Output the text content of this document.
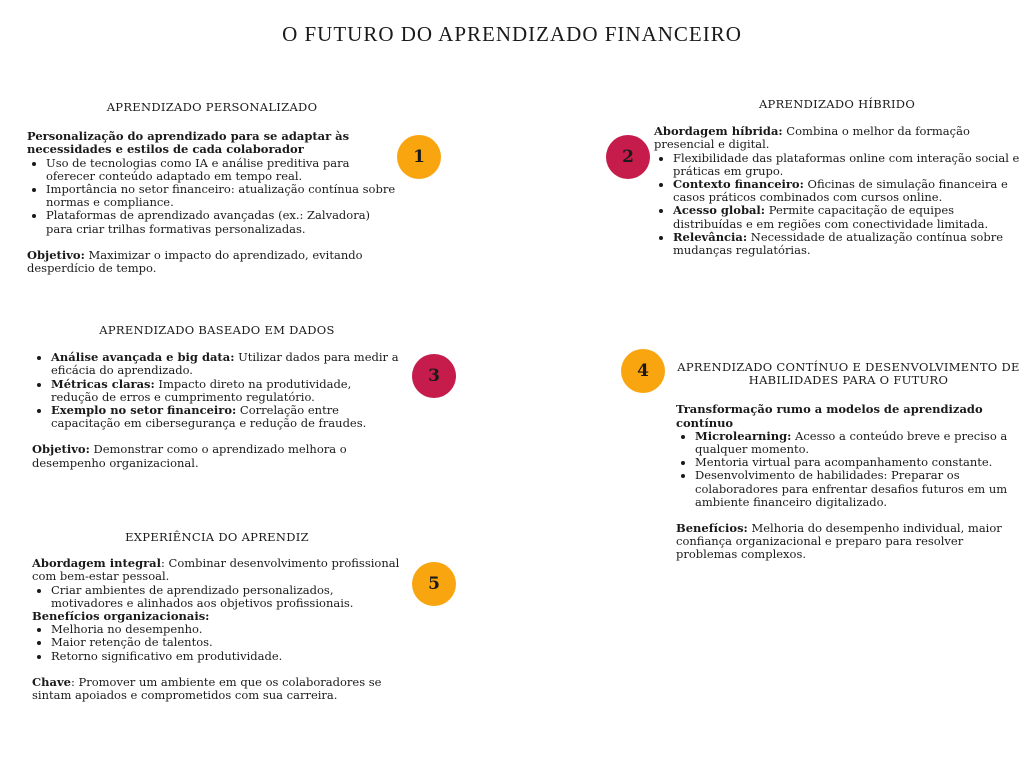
O FUTURO DO APRENDIZADO FINANCEIRO
APRENDIZADO PERSONALIZADO

Personalização do aprendizado para se adaptar às necessidades e estilos de cada colaborador

• Uso de tecnologias como IA e análise preditiva para oferecer conteúdo adaptado em tempo real.
• Importância no setor financeiro: atualização contínua sobre normas e compliance.
• Plataformas de aprendizado avançadas (ex.: Zalvadora) para criar trilhas formativas personalizadas.

Objetivo: Maximizar o impacto do aprendizado, evitando desperdício de tempo.

APRENDIZADO HÍBRIDO

Abordagem híbrida: Combina o melhor da formação presencial e digital.

• Flexibilidade das plataformas online com interação social e práticas em grupo.
• Contexto financeiro: Oficinas de simulação financeira e casos práticos combinados com cursos online.
• Acesso global: Permite capacitação de equipes distribuídas e em regiões com conectividade limitada.
• Relevância: Necessidade de atualização contínua sobre mudanças regulatórias.
APRENDIZADO BASEADO EM DADOS
• Análise avançada e big data: Utilizar dados para medir a eficácia do aprendizado.
• Métricas claras: Impacto direto na produtividade, redução de erros e cumprimento regulatório.
• Exemplo no setor financeiro: Correlação entre capacitação em cibersegurança e redução de fraudes.

Objetivo: Demonstrar como o aprendizado melhora o desempenho organizacional.

APRENDIZADO CONTÍNUO E DESENVOLVIMENTO DE HABILIDADES PARA O FUTURO

Transformação rumo a modelos de aprendizado contínuo

• Microlearning: Acesso a conteúdo breve e preciso a qualquer momento.
• Mentoria virtual para acompanhamento constante.
• Desenvolvimento de habilidades: Preparar os colaboradores para enfrentar desafios futuros em um ambiente financeiro digitalizado.

Benefícios: Melhoria do desempenho individual, maior confiança organizacional e preparo para resolver problemas complexos.

EXPERIÊNCIA DO APRENDIZ

Abordagem integral: Combinar desenvolvimento profissional com bem-estar pessoal.

• Criar ambientes de aprendizado personalizados, motivadores e alinhados aos objetivos profissionais.

Benefícios organizacionais:

• Melhoria no desempenho.
• Maior retenção de talentos.
• Retorno significativo em produtividade.

Chave: Promover um ambiente em que os colaboradores se sintam apoiados e comprometidos com sua carreira.

1	2
3	4
5
